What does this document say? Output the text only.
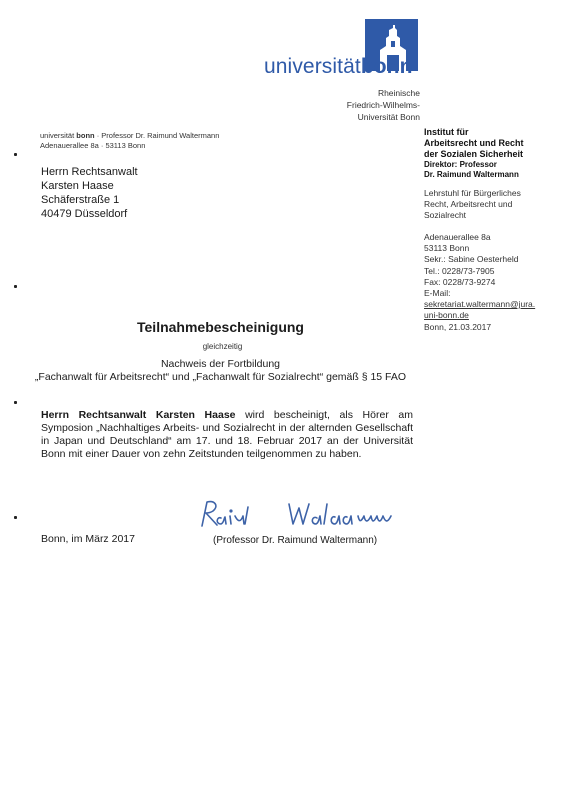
universitätbonn
Rheinische
Friedrich-Wilhelms-
Universität Bonn
universität bonn · Professor Dr. Raimund Waltermann
Adenauerallee 8a · 53113 Bonn
Herrn Rechtsanwalt
Karsten Haase
Schäferstraße 1
40479 Düsseldorf
Institut für
Arbeitsrecht und Recht
der Sozialen Sicherheit
Direktor: Professor
Dr. Raimund Waltermann
Lehrstuhl für Bürgerliches
Recht, Arbeitsrecht und
Sozialrecht
Adenauerallee 8a
53113 Bonn
Sekr.: Sabine Oesterheld
Tel.: 0228/73-7905
Fax: 0228/73-9274
E-Mail:
sekretariat.waltermann@jura.
uni-bonn.de
Bonn, 21.03.2017
Teilnahmebescheinigung
gleichzeitig
Nachweis der Fortbildung
„Fachanwalt für Arbeitsrecht“ und „Fachanwalt für Sozialrecht“ gemäß § 15 FAO
Herrn Rechtsanwalt Karsten Haase wird bescheinigt, als Hörer am Symposion „Nachhaltiges Arbeits- und Sozialrecht in der alternden Gesellschaft in Japan und Deutschland“ am 17. und 18. Februar 2017 an der Universität Bonn mit einer Dauer von zehn Zeitstunden teilgenommen zu haben.
Bonn, im März 2017	(Professor Dr. Raimund Waltermann)
